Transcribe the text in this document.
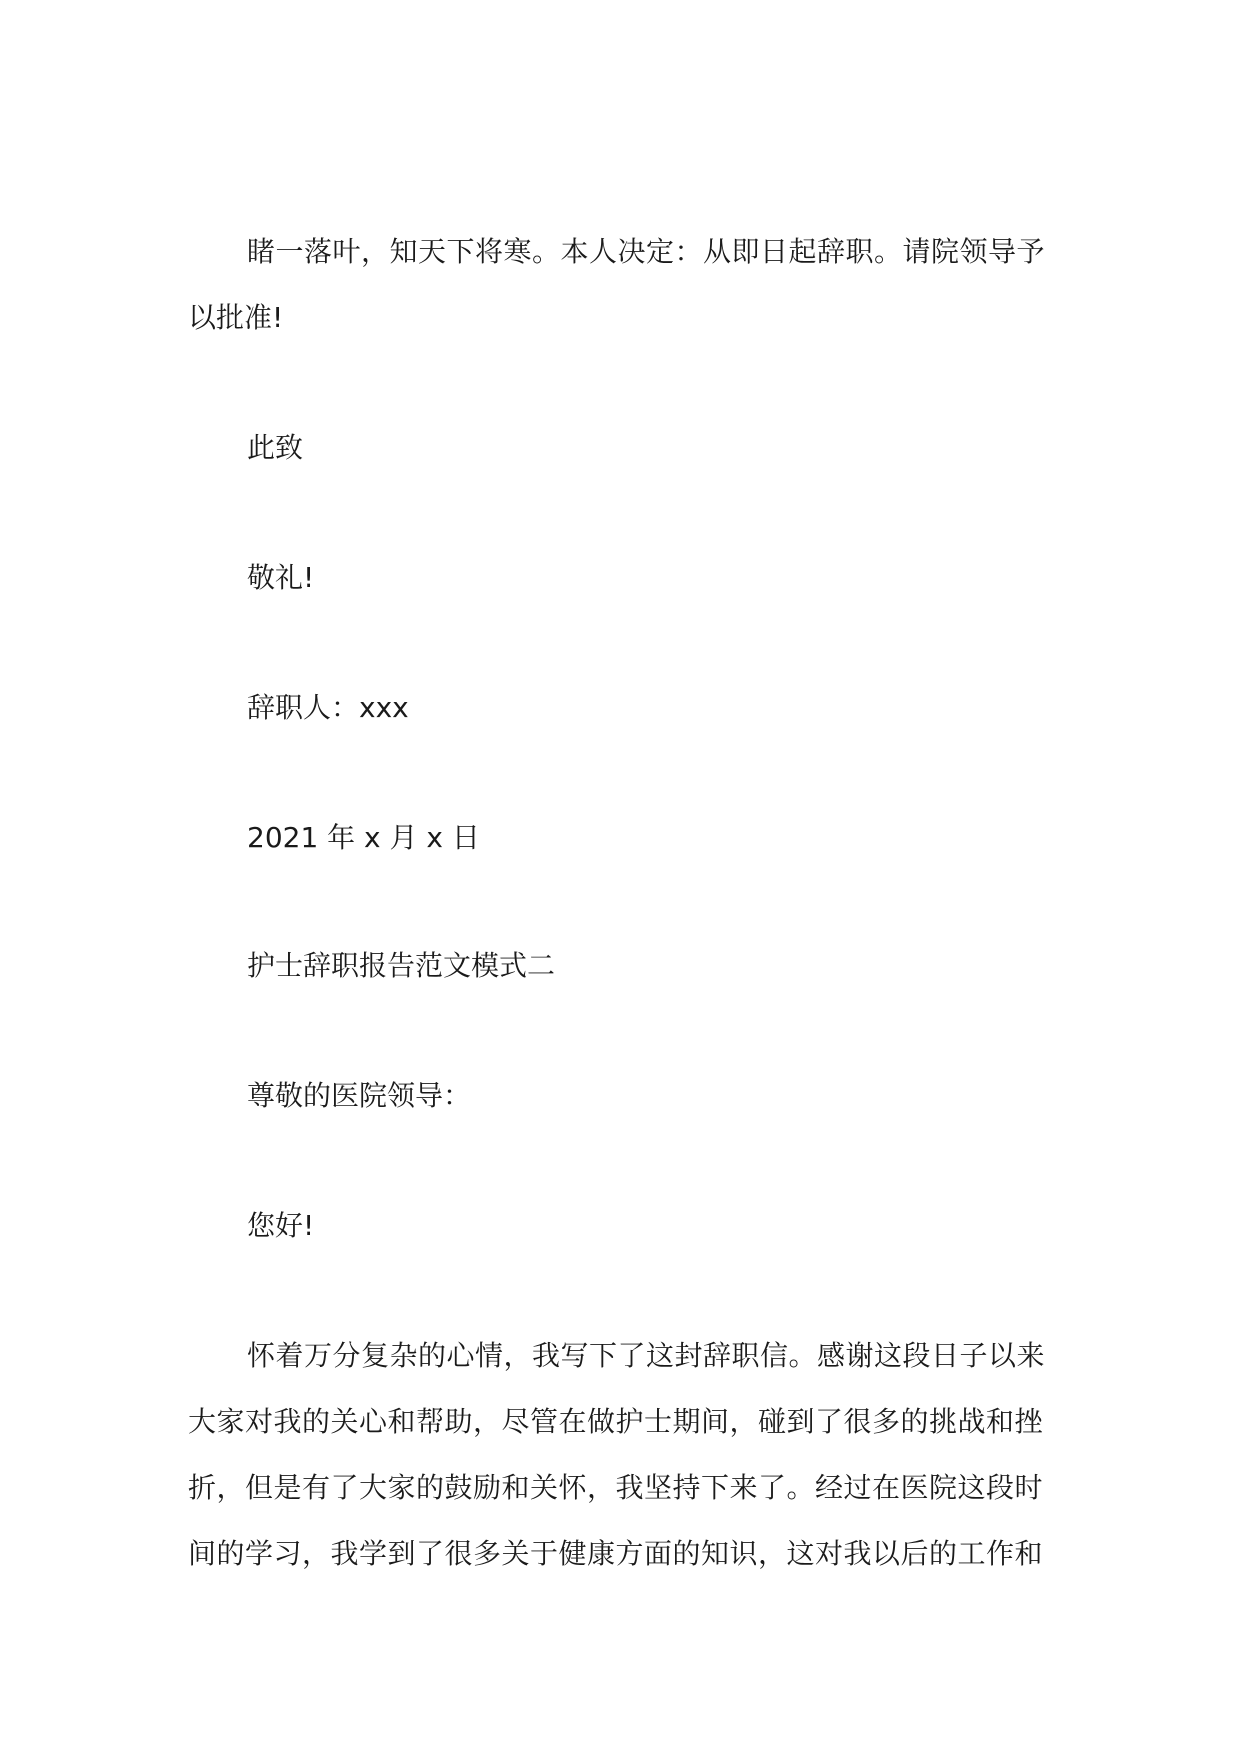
睹一落叶，知天下将寒。本人决定：从即日起辞职。请院领导予
以批准!
此致
敬礼!
辞职人：xxx
2021 年 x 月 x 日
护士辞职报告范文模式二
尊敬的医院领导：
您好!
怀着万分复杂的心情，我写下了这封辞职信。感谢这段日子以来
大家对我的关心和帮助，尽管在做护士期间，碰到了很多的挑战和挫
折，但是有了大家的鼓励和关怀，我坚持下来了。经过在医院这段时
间的学习，我学到了很多关于健康方面的知识，这对我以后的工作和
